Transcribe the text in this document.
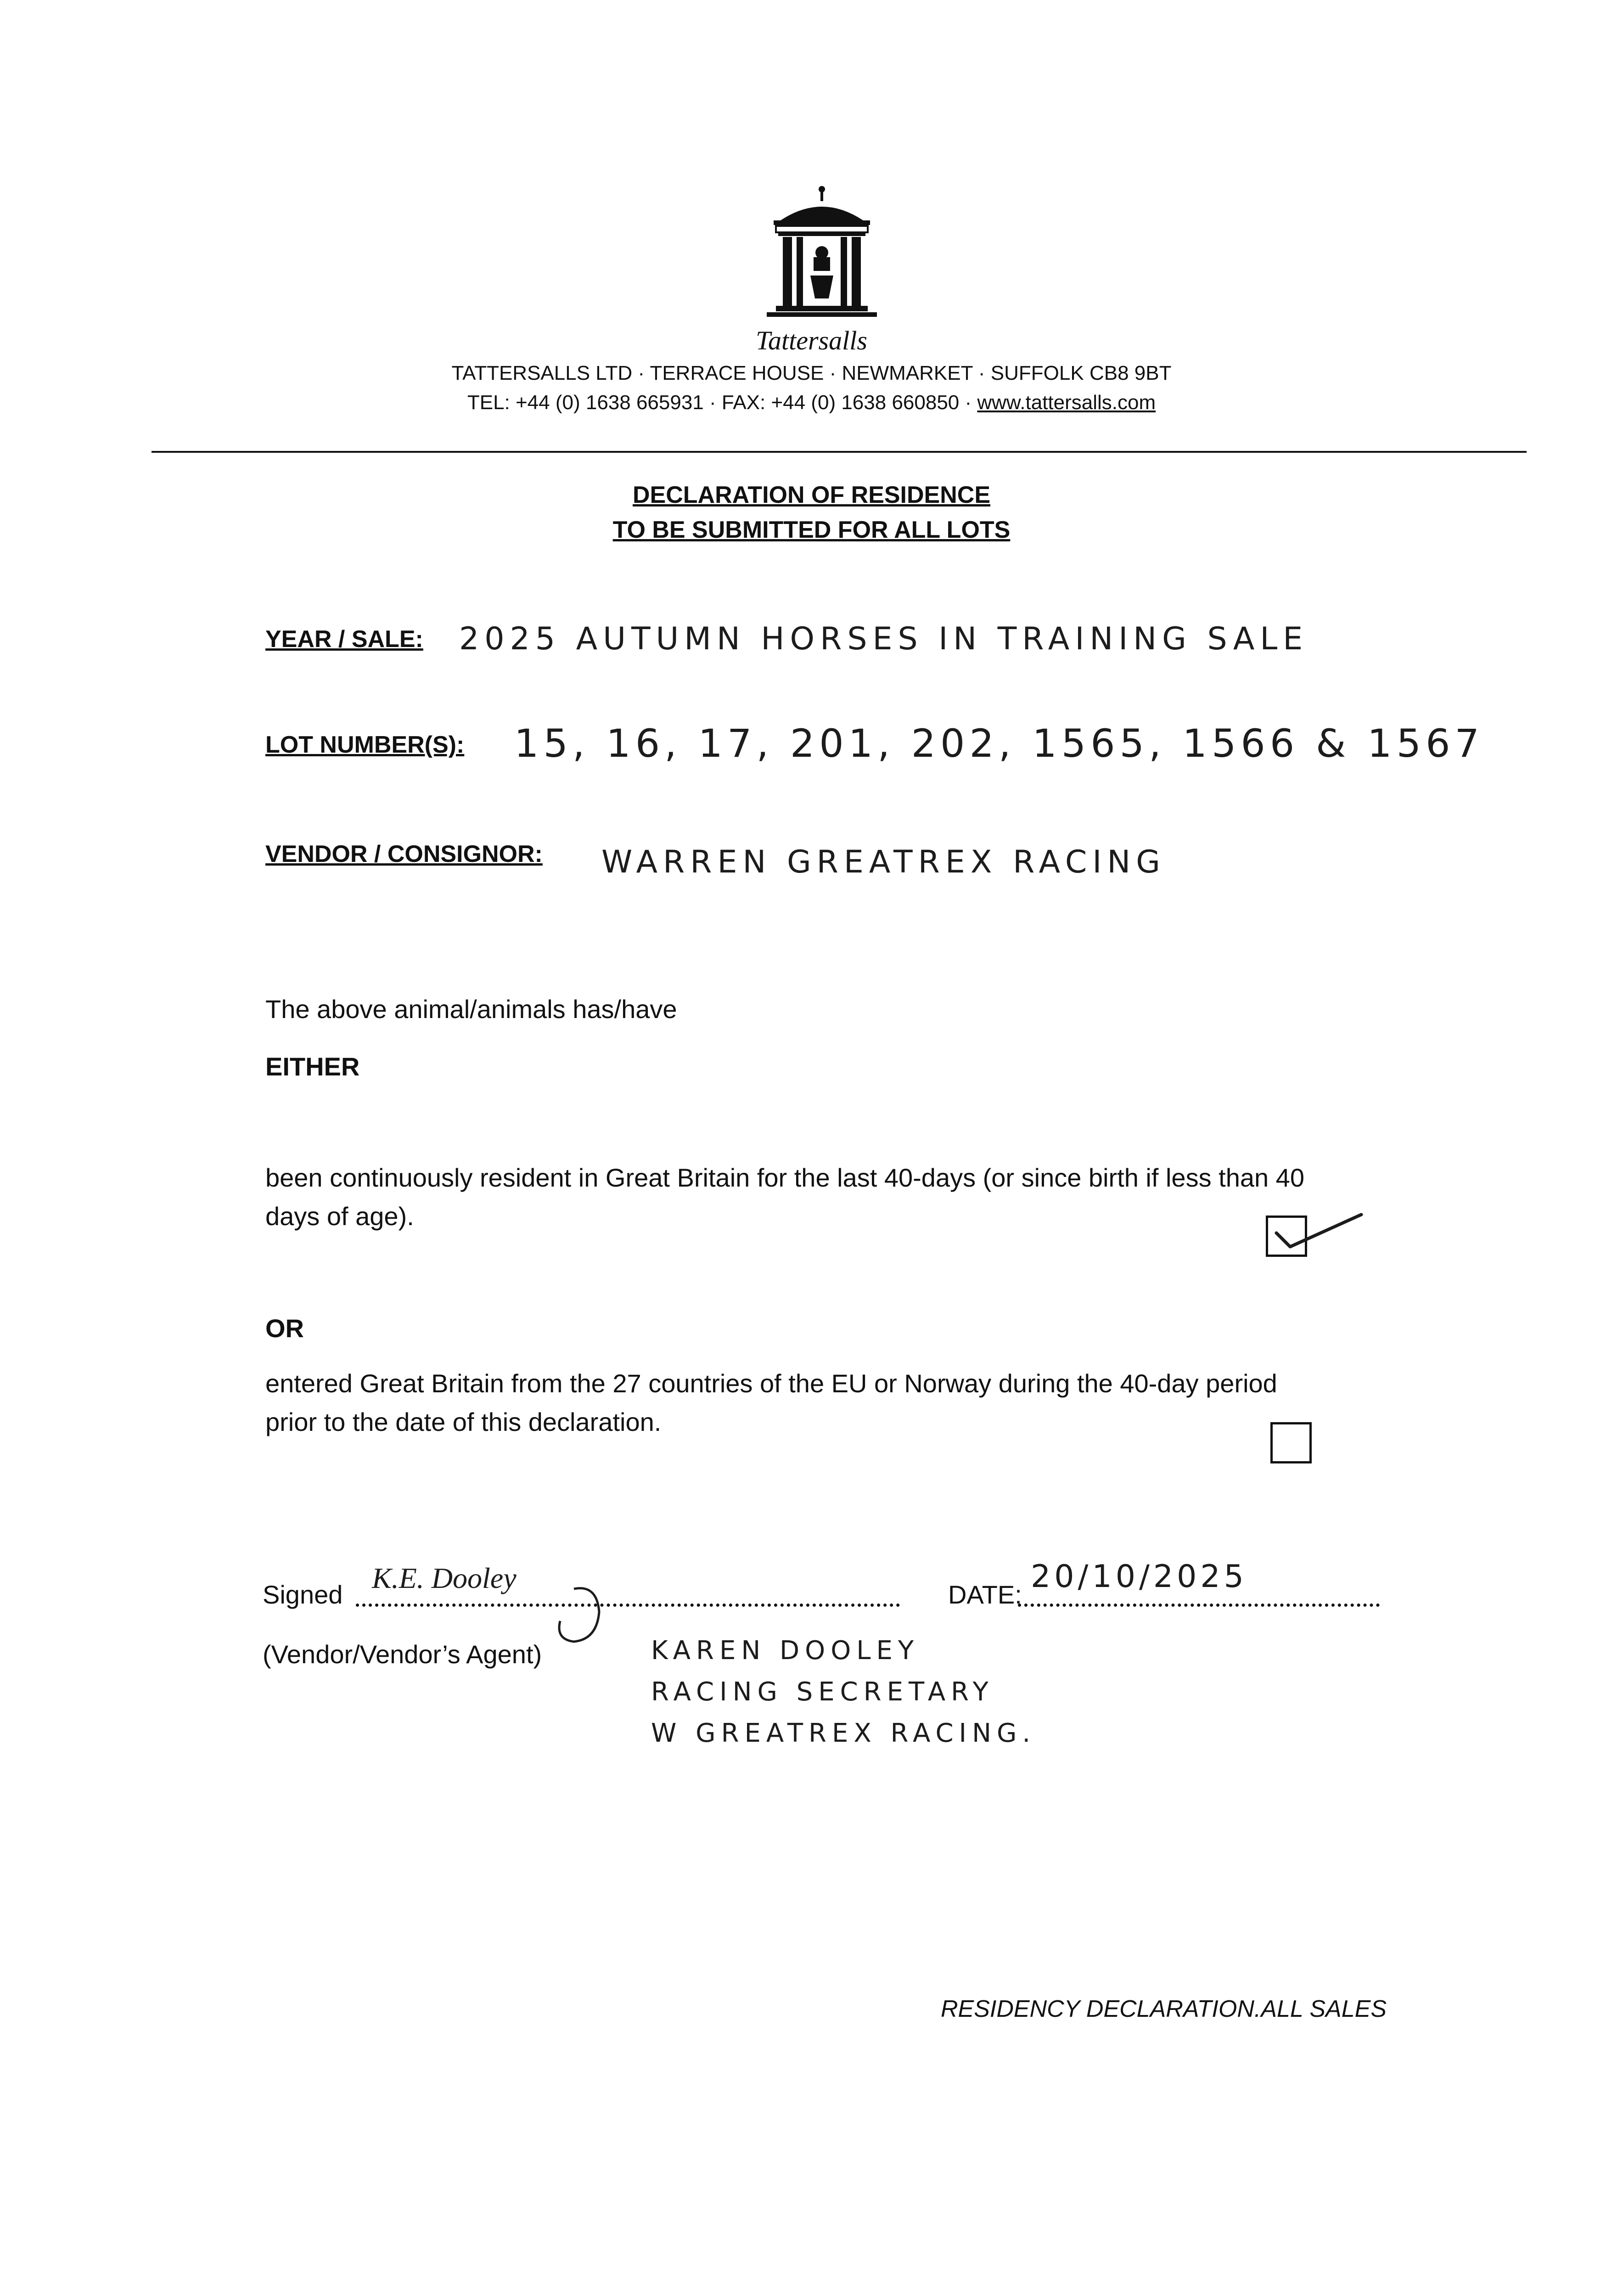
Tattersalls
TATTERSALLS LTD · TERRACE HOUSE · NEWMARKET · SUFFOLK CB8 9BT
TEL: +44 (0) 1638 665931 · FAX: +44 (0) 1638 660850 · www.tattersalls.com
DECLARATION OF RESIDENCE
TO BE SUBMITTED FOR ALL LOTS
YEAR / SALE: 2025 AUTUMN HORSES IN TRAINING SALE
LOT NUMBER(S): 15, 16, 17, 201, 202, 1565, 1566 & 1567
VENDOR / CONSIGNOR: WARREN GREATREX RACING
The above animal/animals has/have
EITHER
been continuously resident in Great Britain for the last 40-days (or since birth if less than 40
days of age).
OR
entered Great Britain from the 27 countries of the EU or Norway during the 40-day period
prior to the date of this declaration.
Signed
K.E. Dooley
DATE: 20/10/2025
(Vendor/Vendor’s Agent)	KAREN DOOLEY
RACING SECRETARY
W GREATREX RACING.
RESIDENCY DECLARATION.ALL SALES
